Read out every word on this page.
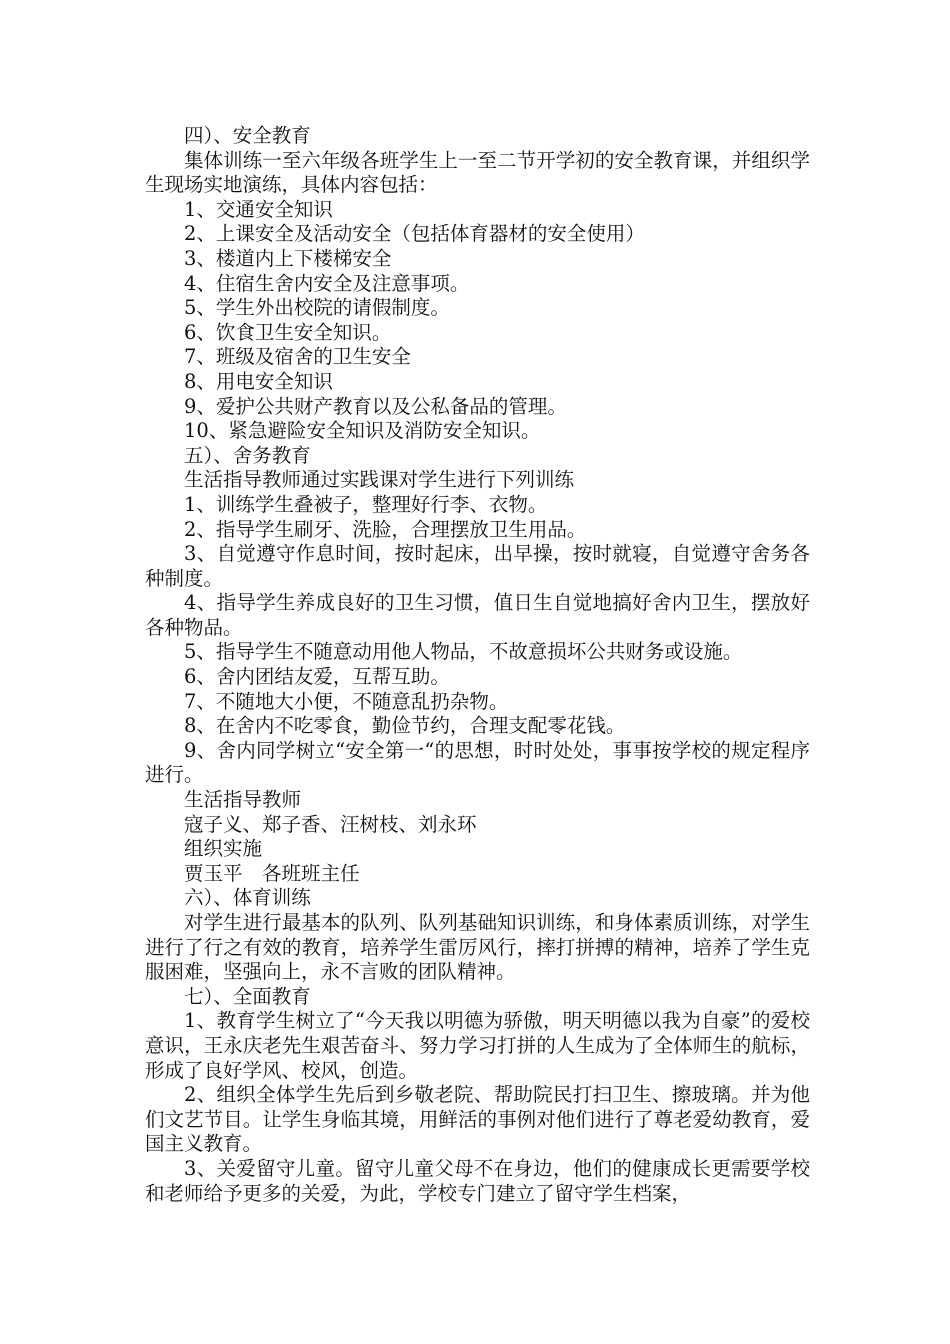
四）、安全教育

集体训练一至六年级各班学生上一至二节开学初的安全教育课，并组织学生现场实地演练，具体内容包括：

1、交通安全知识

2、上课安全及活动安全（包括体育器材的安全使用）

3、楼道内上下楼梯安全

4、住宿生舍内安全及注意事项。

5、学生外出校院的请假制度。

6、饮食卫生安全知识。

7、班级及宿舍的卫生安全

8、用电安全知识

9、爱护公共财产教育以及公私备品的管理。

10、紧急避险安全知识及消防安全知识。

五）、舍务教育

生活指导教师通过实践课对学生进行下列训练

1、训练学生叠被子，整理好行李、衣物。

2、指导学生刷牙、洗脸，合理摆放卫生用品。

3、自觉遵守作息时间，按时起床，出早操，按时就寝，自觉遵守舍务各种制度。

4、指导学生养成良好的卫生习惯，值日生自觉地搞好舍内卫生，摆放好各种物品。

5、指导学生不随意动用他人物品，不故意损坏公共财务或设施。

6、舍内团结友爱，互帮互助。

7、不随地大小便，不随意乱扔杂物。

8、在舍内不吃零食，勤俭节约，合理支配零花钱。

9、舍内同学树立“安全第一“的思想，时时处处，事事按学校的规定程序进行。

生活指导教师

寇子义、郑子香、汪树枝、刘永环

组织实施

贾玉平　各班班主任

六）、体育训练

对学生进行最基本的队列、队列基础知识训练，和身体素质训练，对学生进行了行之有效的教育，培养学生雷厉风行，摔打拼搏的精神，培养了学生克服困难，坚强向上，永不言败的团队精神。

七）、全面教育

1、教育学生树立了“今天我以明德为骄傲，明天明德以我为自豪”的爱校意识，王永庆老先生艰苦奋斗、努力学习打拼的人生成为了全体师生的航标，形成了良好学风、校风，创造。

2、组织全体学生先后到乡敬老院、帮助院民打扫卫生、擦玻璃。并为他们文艺节目。让学生身临其境，用鲜活的事例对他们进行了尊老爱幼教育，爱国主义教育。

3、关爱留守儿童。留守儿童父母不在身边，他们的健康成长更需要学校和老师给予更多的关爱，为此，学校专门建立了留守学生档案，
